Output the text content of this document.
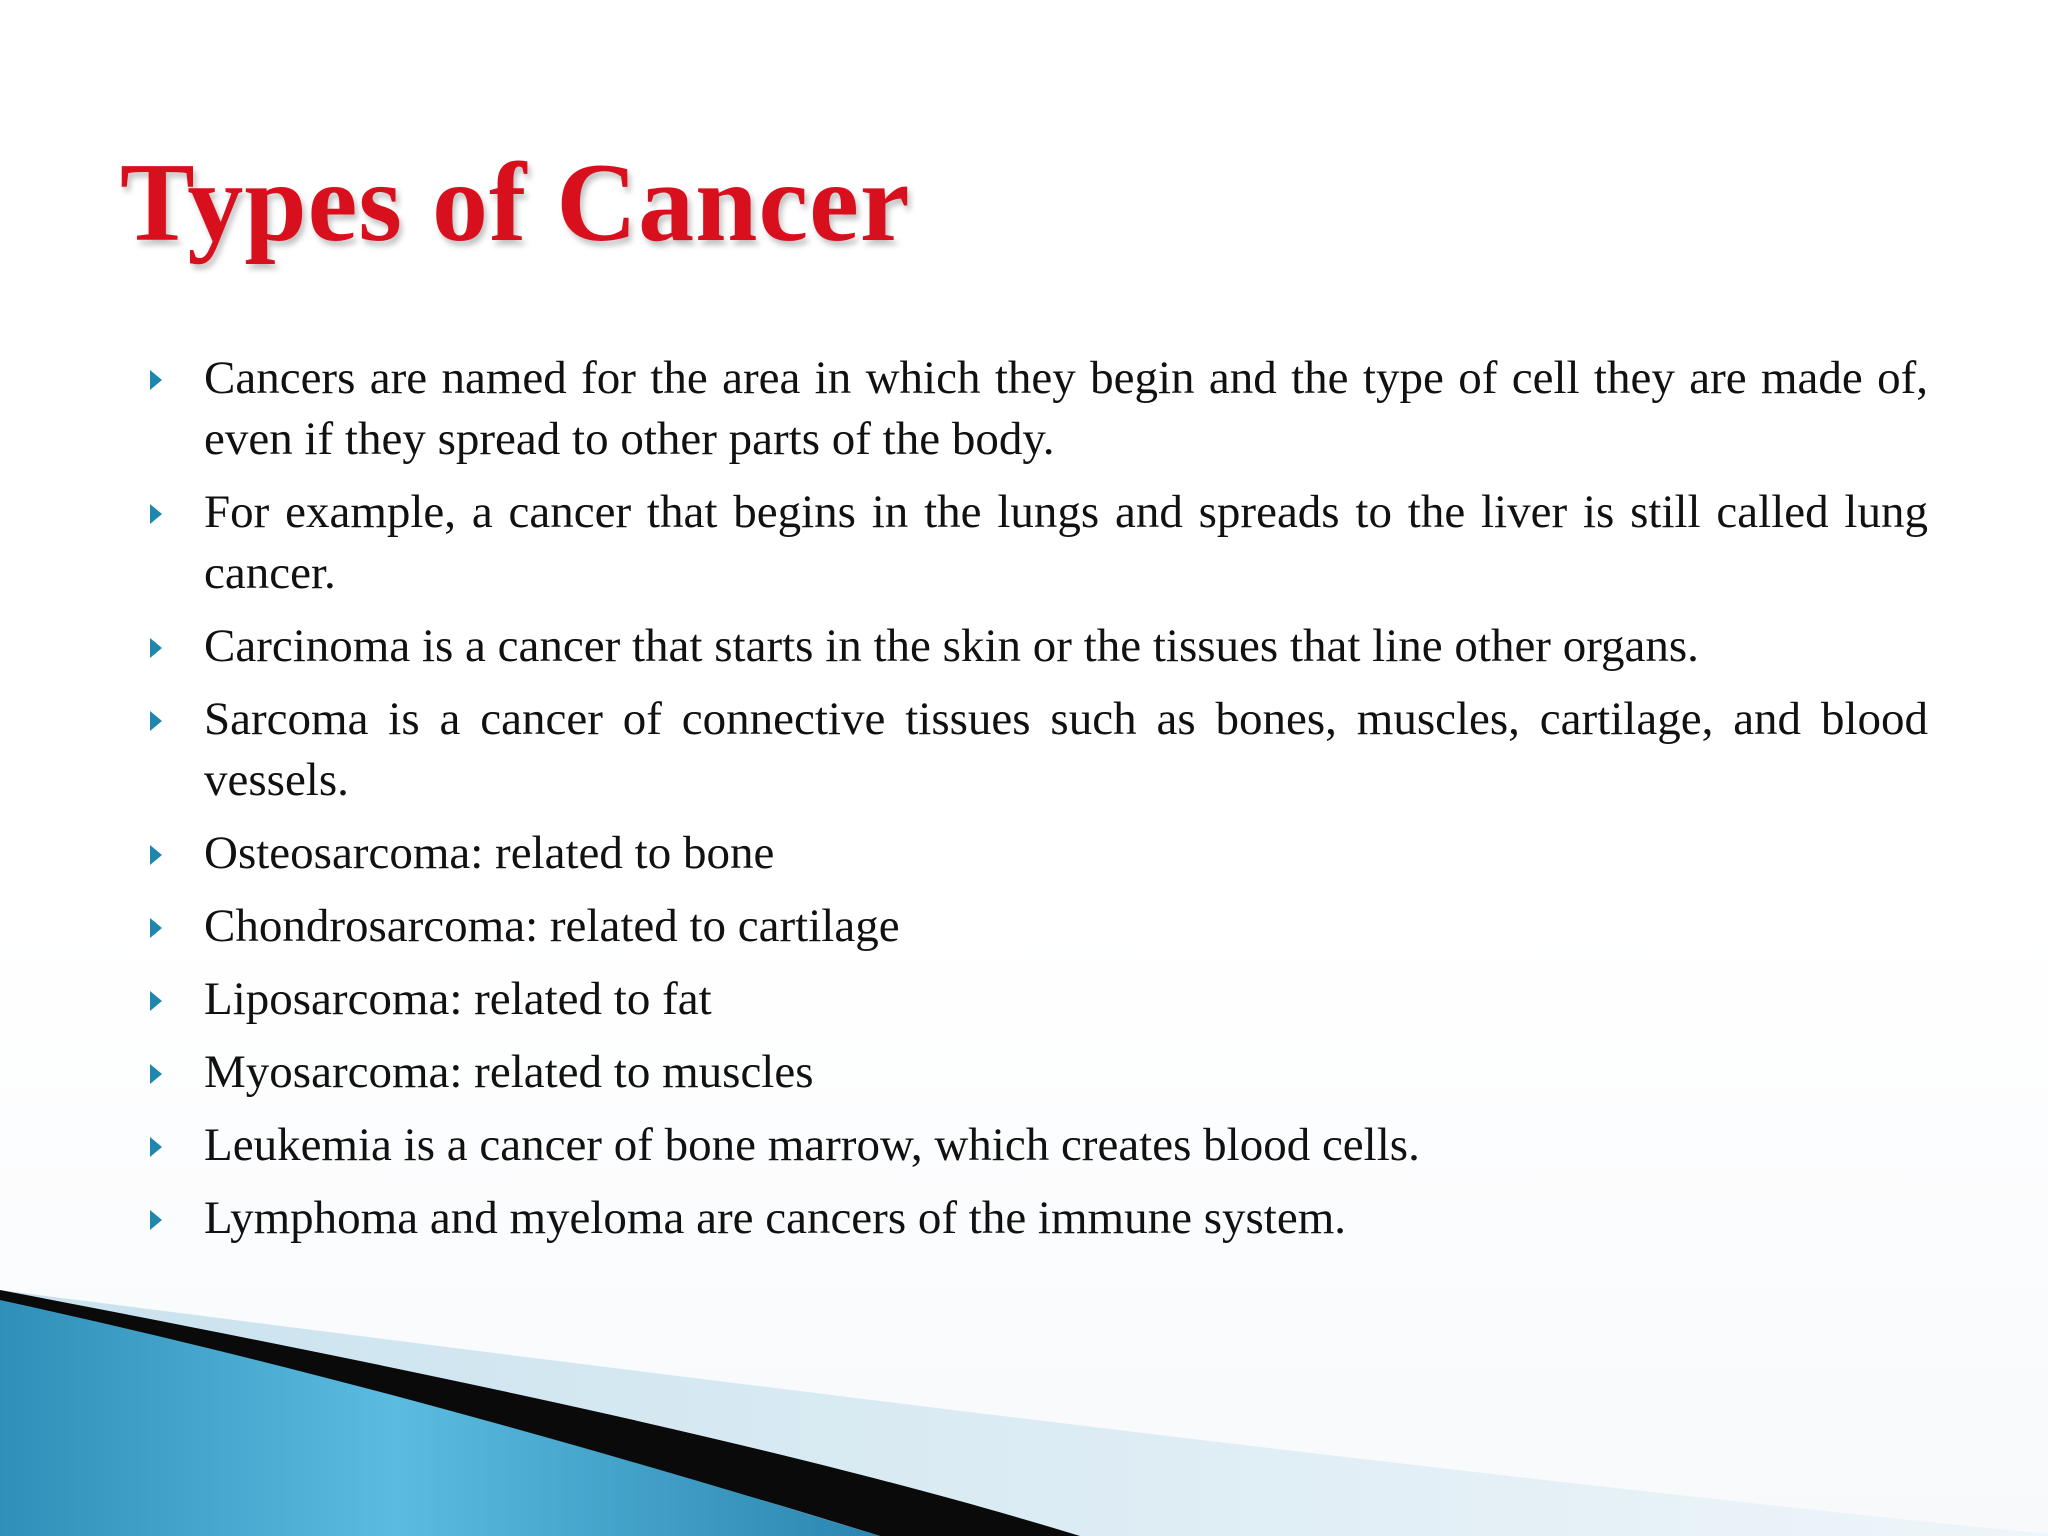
Types of Cancer
Cancers are named for the area in which they begin and the type of cell they are made of, even if they spread to other parts of the body.
For example, a cancer that begins in the lungs and spreads to the liver is still called lung cancer.
Carcinoma is a cancer that starts in the skin or the tissues that line other organs.
Sarcoma is a cancer of connective tissues such as bones, muscles, cartilage, and blood vessels.
Osteosarcoma: related to bone
Chondrosarcoma: related to cartilage
Liposarcoma: related to fat
Myosarcoma: related to muscles
Leukemia is a cancer of bone marrow, which creates blood cells.
Lymphoma and myeloma are cancers of the immune system.
